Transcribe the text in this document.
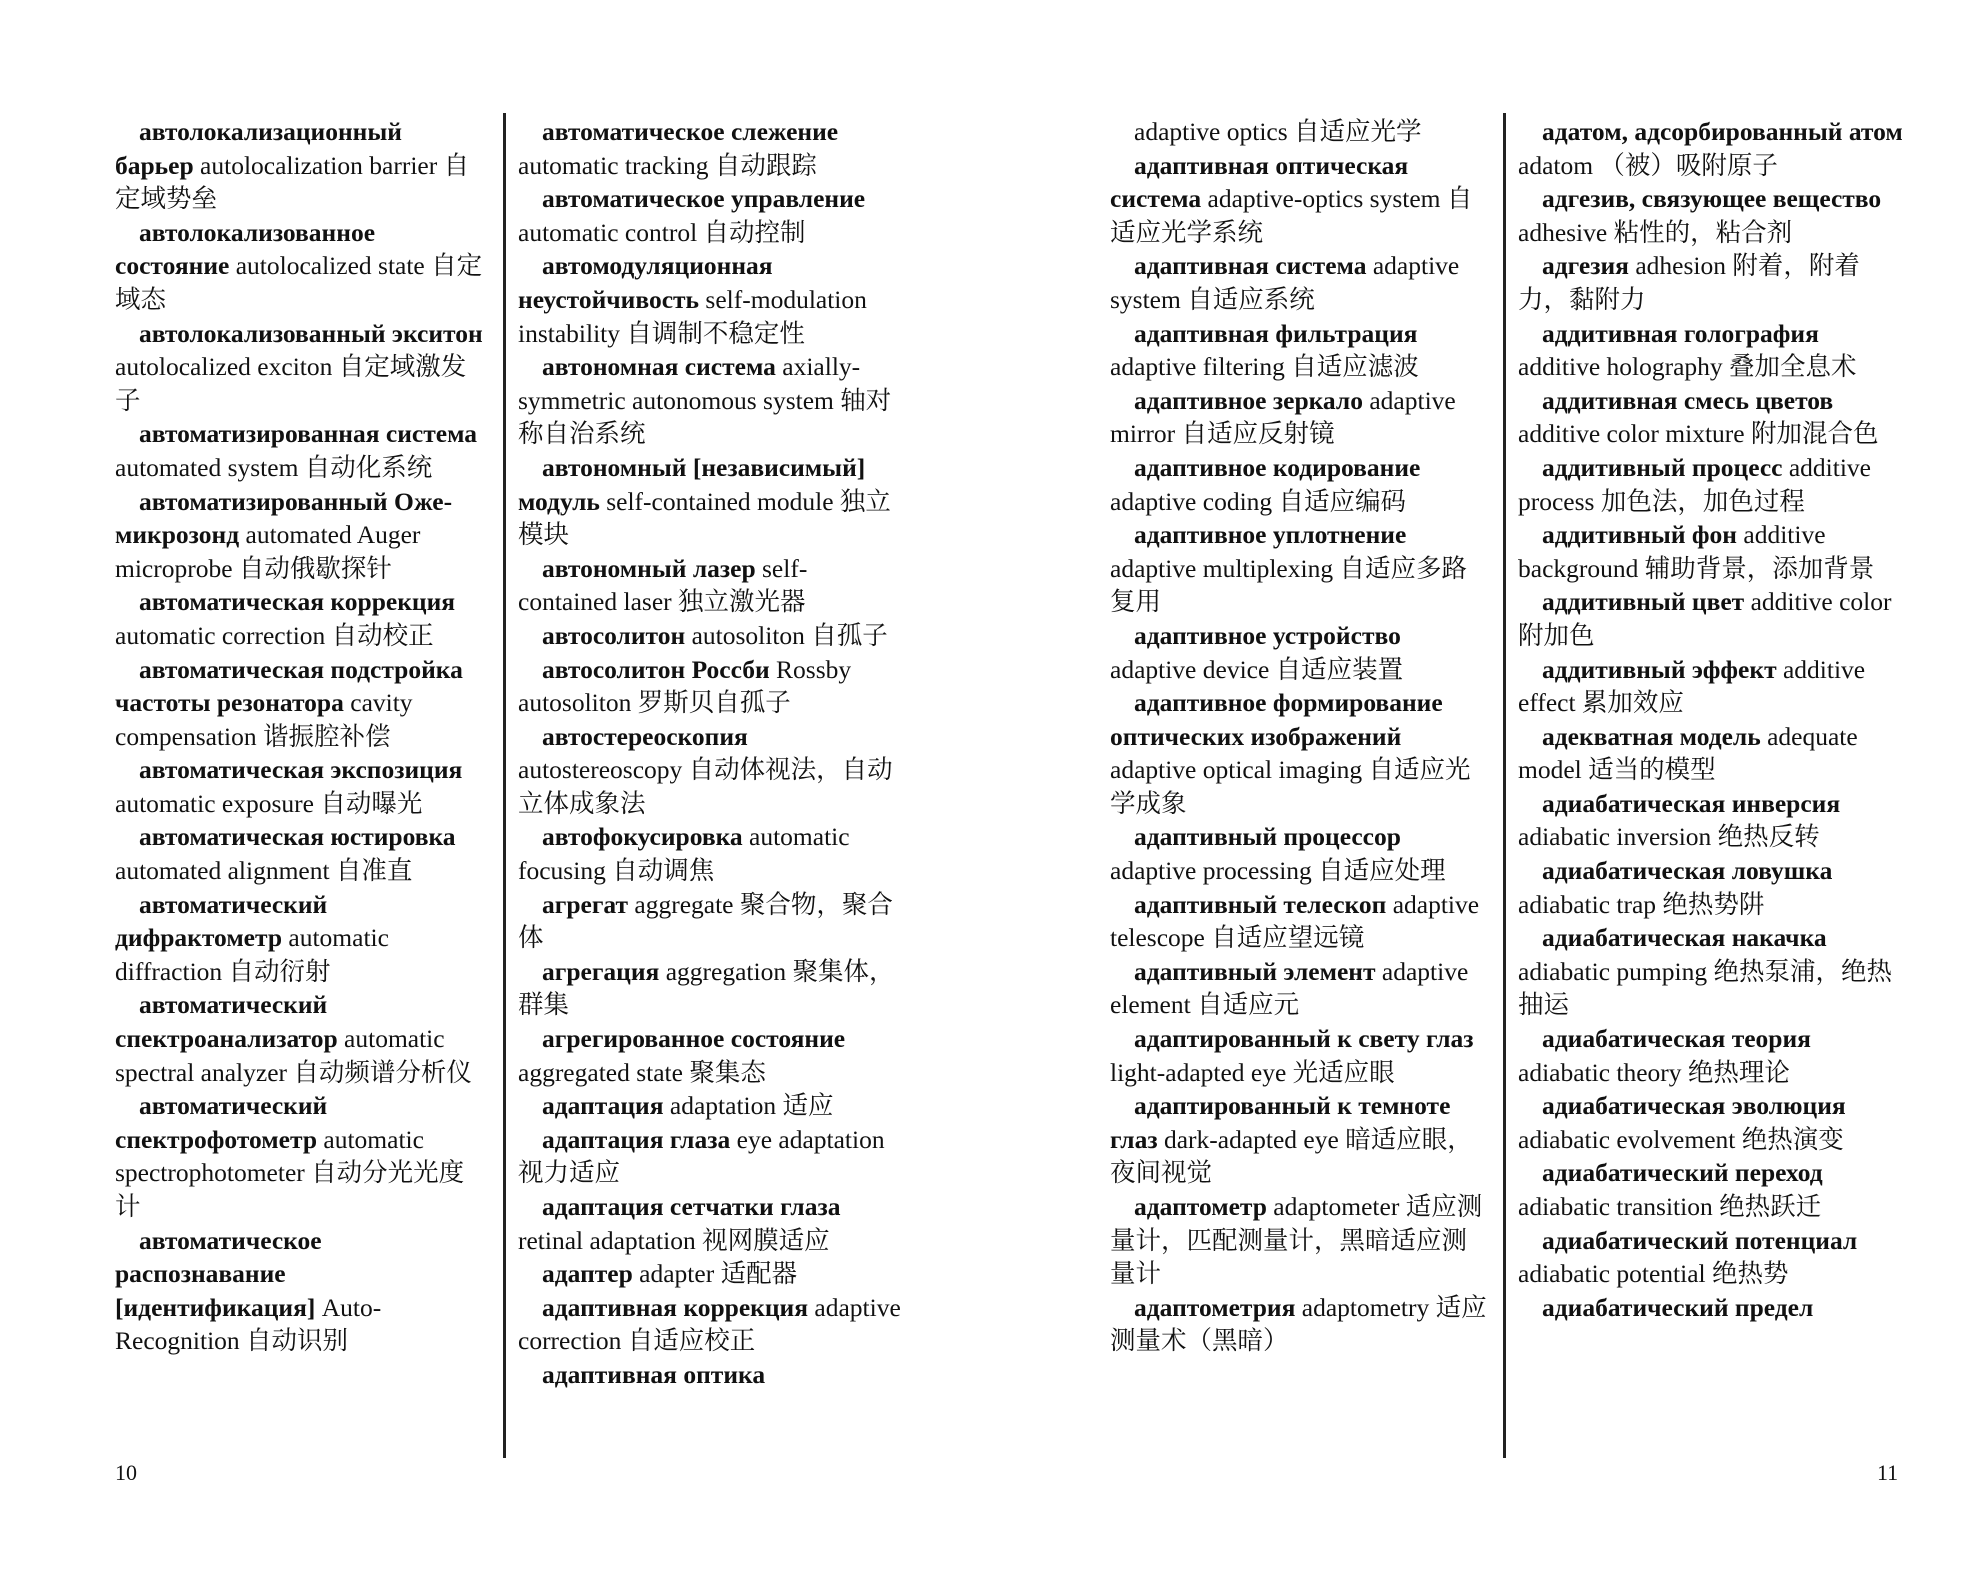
автолокализационный барьер autolocalization barrier 自定域势垒

автолокализованное состояние autolocalized state 自定域态

автолокализованный экситон autolocalized exciton 自定域激发子

автоматизированная система automated system 自动化系统

автоматизированный Оже-микрозонд automated Auger microprobe 自动俄歇探针

автоматическая коррекция automatic correction 自动校正

автоматическая подстройка частоты резонатора cavity compensation 谐振腔补偿

автоматическая экспозиция automatic exposure 自动曝光

автоматическая юстировка automated alignment 自准直

автоматический дифрактометр automatic diffraction 自动衍射

автоматический спектроанализатор automatic spectral analyzer 自动频谱分析仪

автоматический спектрофотометр automatic spectrophotometer 自动分光光度计

автоматическое распознавание [идентификация] Auto-Recognition 自动识别

автоматическое слежение automatic tracking 自动跟踪

автоматическое управление automatic control 自动控制

автомодуляционная неустойчивость self-modulation instability 自调制不稳定性

автономная система axially-symmetric autonomous system 轴对称自治系统

автономный [независимый] модуль self-contained module 独立模块

автономный лазер self-contained laser 独立激光器

автосолитон autosoliton 自孤子

автосолитон Россби Rossby autosoliton 罗斯贝自孤子

автостереоскопия autostereoscopy 自动体视法，自动立体成象法

автофокусировка automatic focusing 自动调焦

агрегат aggregate 聚合物，聚合体

агрегация aggregation 聚集体，群集

агрегированное состояние aggregated state 聚集态

адаптация adaptation 适应

адаптация глаза eye adaptation 视力适应

адаптация сетчатки глаза retinal adaptation 视网膜适应

адаптер adapter 适配器

адаптивная коррекция adaptive correction 自适应校正

адаптивная оптика

adaptive optics 自适应光学

адаптивная оптическая система adaptive-optics system 自适应光学系统

адаптивная система adaptive system 自适应系统

адаптивная фильтрация adaptive filtering 自适应滤波

адаптивное зеркало adaptive mirror 自适应反射镜

адаптивное кодирование adaptive coding 自适应编码

адаптивное уплотнение adaptive multiplexing 自适应多路复用

адаптивное устройство adaptive device 自适应装置

адаптивное формирование оптических изображений adaptive optical imaging 自适应光学成象

адаптивный процессор adaptive processing 自适应处理

адаптивный телескоп adaptive telescope 自适应望远镜

адаптивный элемент adaptive element 自适应元

адаптированный к свету глаз light-adapted eye 光适应眼

адаптированный к темноте глаз dark-adapted eye 暗适应眼，夜间视觉

адаптометр adaptometer 适应测量计，匹配测量计，黑暗适应测量计

адаптометрия adaptometry 适应测量术（黑暗）

адатом, адсорбированный атом adatom （被）吸附原子

адгезив, связующее вещество adhesive 粘性的，粘合剂

адгезия adhesion 附着，附着力，黏附力

аддитивная голография additive holography 叠加全息术

аддитивная смесь цветов additive color mixture 附加混合色

аддитивный процесс additive process 加色法，加色过程

аддитивный фон additive background 辅助背景，添加背景

аддитивный цвет additive color 附加色

аддитивный эффект additive effect 累加效应

адекватная модель adequate model 适当的模型

адиабатическая инверсия adiabatic inversion 绝热反转

адиабатическая ловушка adiabatic trap 绝热势阱

адиабатическая накачка adiabatic pumping 绝热泵浦，绝热抽运

адиабатическая теория adiabatic theory 绝热理论

адиабатическая эволюция adiabatic evolvement 绝热演变

адиабатический переход adiabatic transition 绝热跃迁

адиабатический потенциал adiabatic potential 绝热势

адиабатический предел

10	11
